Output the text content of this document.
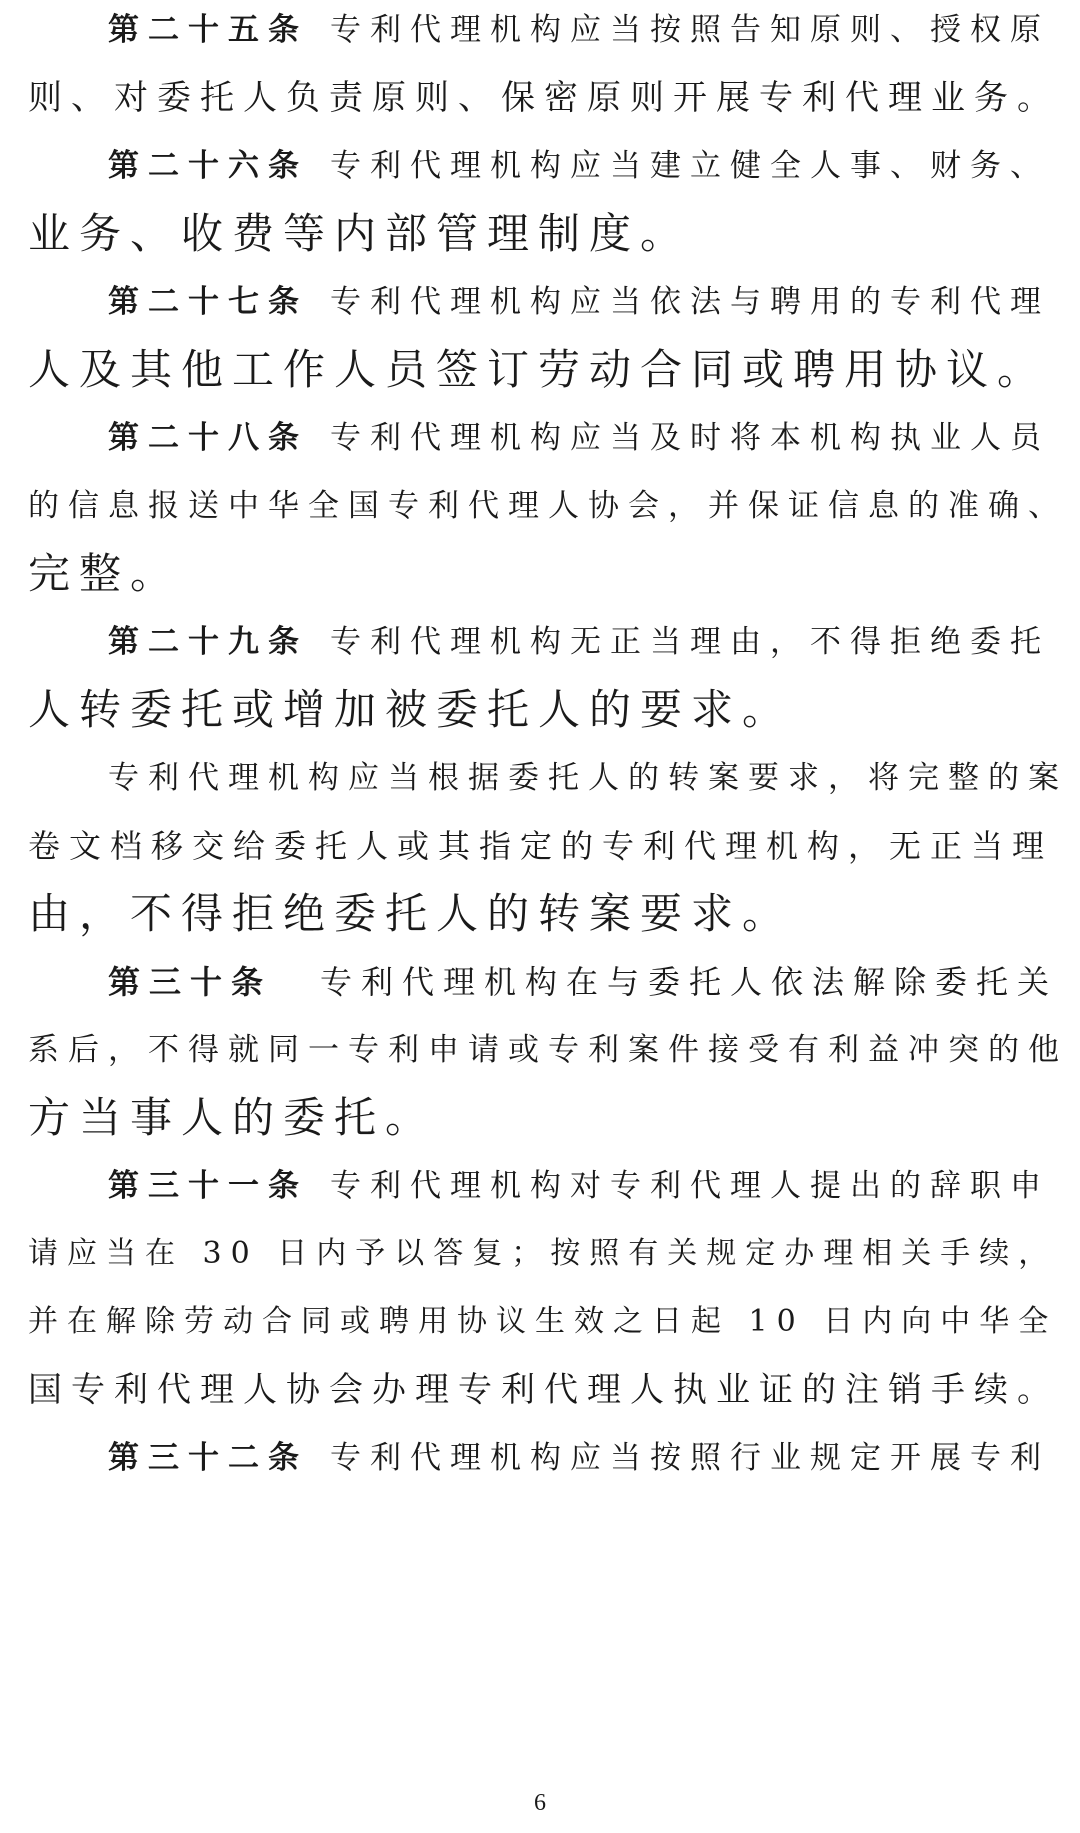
第二十五条 专利代理机构应当按照告知原则、授权原
则、对委托人负责原则、保密原则开展专利代理业务。
第二十六条 专利代理机构应当建立健全人事、财务、
业务、收费等内部管理制度。
第二十七条 专利代理机构应当依法与聘用的专利代理
人及其他工作人员签订劳动合同或聘用协议。
第二十八条 专利代理机构应当及时将本机构执业人员
的信息报送中华全国专利代理人协会，并保证信息的准确、
完整。
第二十九条 专利代理机构无正当理由，不得拒绝委托
人转委托或增加被委托人的要求。
专利代理机构应当根据委托人的转案要求，将完整的案
卷文档移交给委托人或其指定的专利代理机构，无正当理
由，不得拒绝委托人的转案要求。
第三十条 专利代理机构在与委托人依法解除委托关
系后，不得就同一专利申请或专利案件接受有利益冲突的他
方当事人的委托。
第三十一条 专利代理机构对专利代理人提出的辞职申
请应当在 30 日内予以答复；按照有关规定办理相关手续，
并在解除劳动合同或聘用协议生效之日起 10 日内向中华全
国专利代理人协会办理专利代理人执业证的注销手续。
第三十二条 专利代理机构应当按照行业规定开展专利
6
